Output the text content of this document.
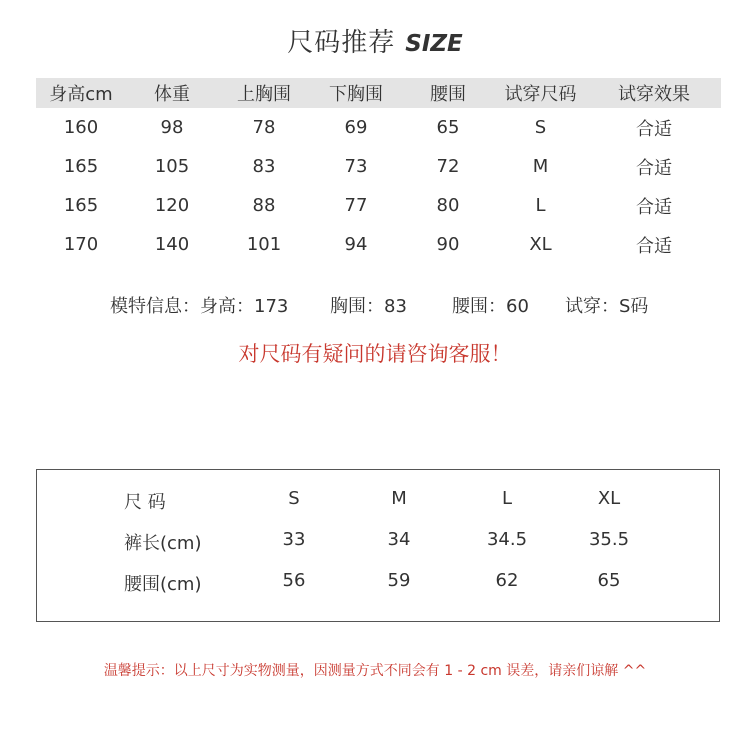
尺码推荐 SIZE
身高cm	体重	上胸围	下胸围	腰围	试穿尺码	试穿效果
160	98	78	69	65	S	合适
165	105	83	73	72	M	合适
165	120	88	77	80	L	合适
170	140	101	94	90	XL	合适
模特信息：身高：173 胸围：83	腰围：60 试穿：S码
对尺码有疑问的请咨询客服！
尺 码	S	M	L	XL
裤长(cm)	33	34	34.5	35.5
腰围(cm)	56	59	62	65
温馨提示：以上尺寸为实物测量，因测量方式不同会有 1 - 2 cm 误差，请亲们谅解 ^^
